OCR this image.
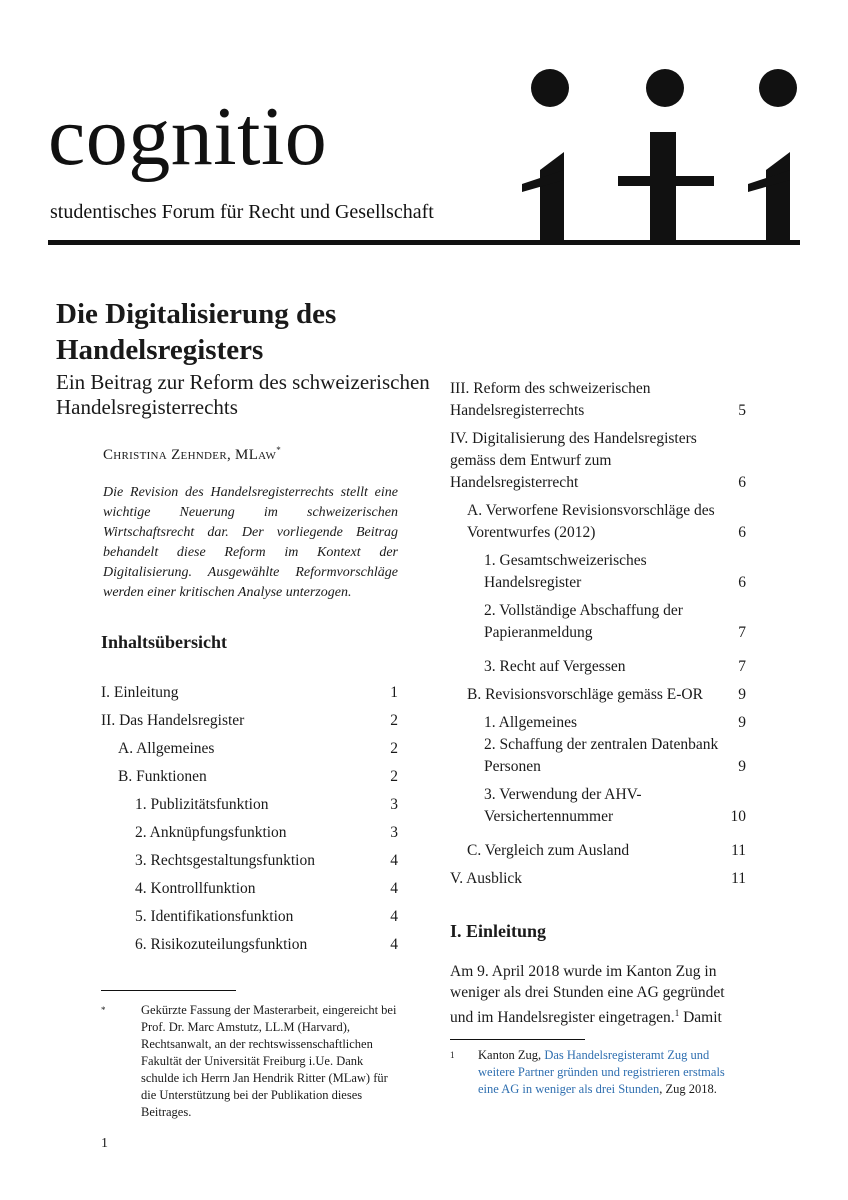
cognitio
studentisches Forum für Recht und Gesellschaft
Die Digitalisierung des Handelsregisters
Ein Beitrag zur Reform des schweizerischen Handelsregisterrechts
Christina Zehnder, MLaw*
Die Revision des Handelsregisterrechts stellt eine wichtige Neuerung im schweizerischen Wirtschaftsrecht dar. Der vorliegende Beitrag behandelt diese Reform im Kontext der Digitalisierung. Ausgewählte Reformvorschläge werden einer kritischen Analyse unterzogen.
Inhaltsübersicht
I. Einleitung	1
II. Das Handelsregister	2
A. Allgemeines	2
B. Funktionen	2
1. Publizitätsfunktion	3
2. Anknüpfungsfunktion	3
3. Rechtsgestaltungsfunktion	4
4. Kontrollfunktion	4
5. Identifikationsfunktion	4
6. Risikozuteilungsfunktion	4
III. Reform des schweizerischen Handelsregisterrechts	5
IV. Digitalisierung des Handelsregisters gemäss dem Entwurf zum Handelsregisterrecht	6
A. Verworfene Revisionsvorschläge des Vorentwurfes (2012)	6
1. Gesamtschweizerisches Handelsregister	6
2. Vollständige Abschaffung der Papieranmeldung	7
3. Recht auf Vergessen	7
B. Revisionsvorschläge gemäss E-OR	9
1. Allgemeines	9
2. Schaffung der zentralen Datenbank Personen	9
3. Verwendung der AHV-Versichertennummer	10
C. Vergleich zum Ausland	11
V. Ausblick	11
I. Einleitung
Am 9. April 2018 wurde im Kanton Zug in weniger als drei Stunden eine AG gegründet und im Handelsregister eingetragen.$^1$ Damit
*	Gekürzte Fassung der Masterarbeit, eingereicht bei Prof. Dr. Marc Amstutz, LL.M (Harvard), Rechtsanwalt, an der rechtswissenschaftlichen Fakultät der Universität Freiburg i.Ue. Dank schulde ich Herrn Jan Hendrik Ritter (MLaw) für die Unterstützung bei der Publikation dieses Beitrages.
1	Kanton Zug, Das Handelsregisteramt Zug und weitere Partner gründen und registrieren erstmals eine AG in weniger als drei Stunden, Zug 2018.
1
